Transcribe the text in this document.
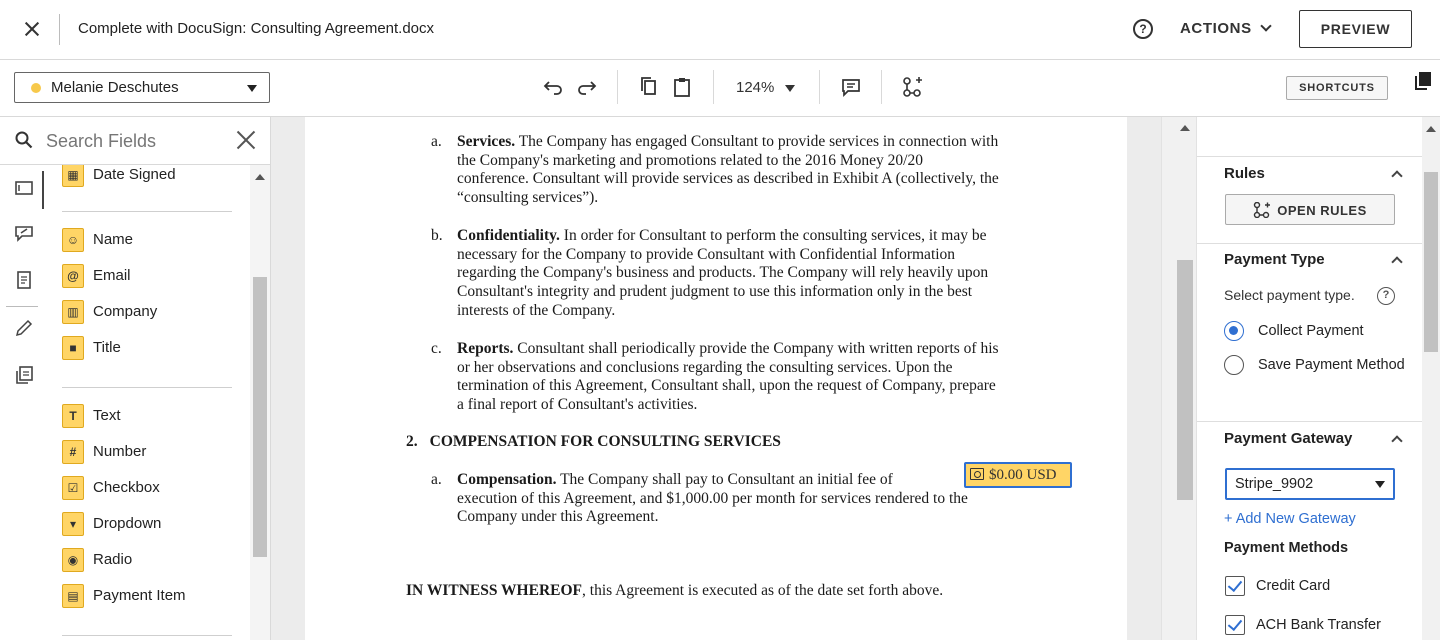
Complete with DocuSign: Consulting Agreement.docx	?	ACTIONS	PREVIEW
Melanie Deschutes	124%	SHORTCUTS
Search Fields
▦ Date Signed
☺ Name
@ Email
▥ Company
■	Title
T	Text
#	Number
☑ Checkbox
▾	Dropdown
◉ Radio
▤ Payment Item
a. Services. The Company has engaged Consultant to provide services in connection with
the Company's marketing and promotions related to the 2016 Money 20/20
conference. Consultant will provide services as described in Exhibit A (collectively, the
“consulting services”).
b. Confidentiality. In order for Consultant to perform the consulting services, it may be
necessary for the Company to provide Consultant with Confidential Information
regarding the Company's business and products. The Company will rely heavily upon
Consultant's integrity and prudent judgment to use this information only in the best
interests of the Company.
c. Reports. Consultant shall periodically provide the Company with written reports of his
or her observations and conclusions regarding the consulting services. Upon the
termination of this Agreement, Consultant shall, upon the request of Company, prepare
a final report of Consultant's activities.
2. COMPENSATION FOR CONSULTING SERVICES
a. Compensation. The Company shall pay to Consultant an initial fee of
execution of this Agreement, and $1,000.00 per month for services rendered to the
Company under this Agreement.
$0.00 USD
IN WITNESS WHEREOF, this Agreement is executed as of the date set forth above.
Rules
OPEN RULES
Payment Type
Select payment type.	?
Collect Payment
Save Payment Method
Payment Gateway
Stripe_9902
+ Add New Gateway
Payment Methods
Credit Card
ACH Bank Transfer
